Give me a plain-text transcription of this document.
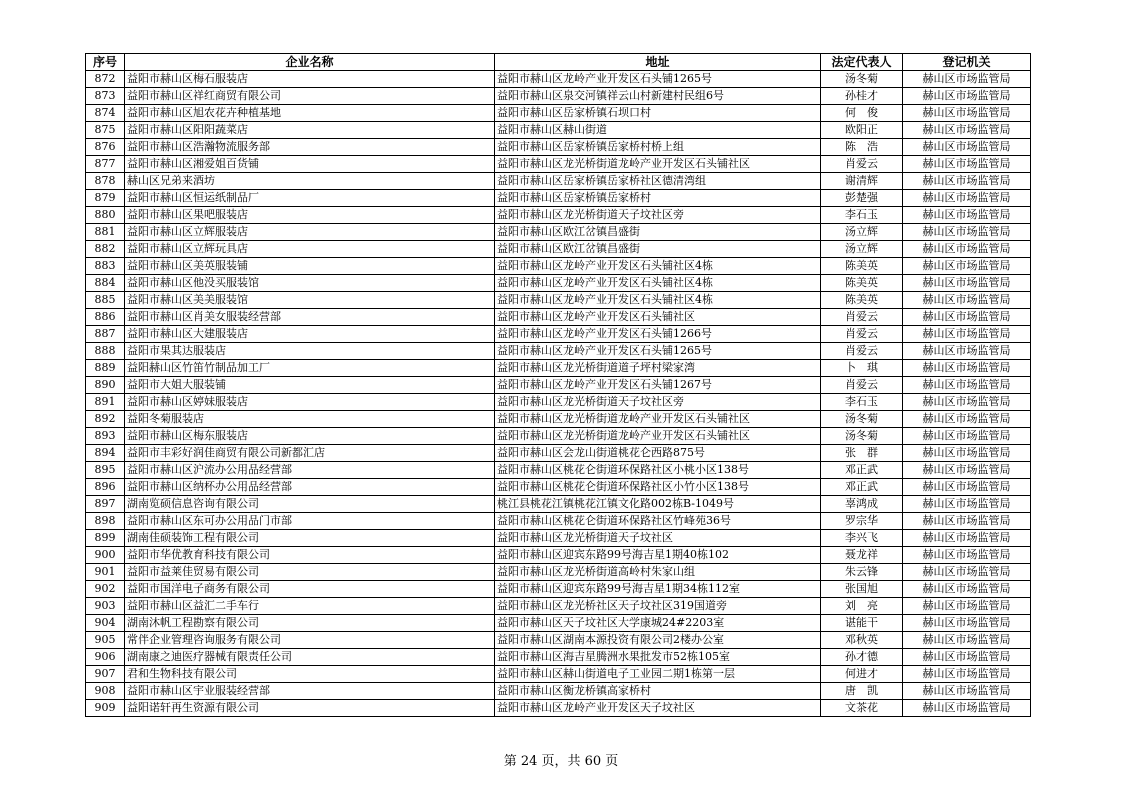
序号	企业名称	地址	法定代表人	登记机关
872	益阳市赫山区梅石服装店	益阳市赫山区龙岭产业开发区石头铺1265号	汤冬菊	赫山区市场监管局
873	益阳市赫山区祥红商贸有限公司	益阳市赫山区泉交河镇祥云山村新建村民组6号	孙桂才	赫山区市场监管局
874	益阳市赫山区旭农花卉种植基地	益阳市赫山区岳家桥镇石坝口村	何　俊	赫山区市场监管局
875	益阳市赫山区阳阳蔬菜店	益阳市赫山区赫山街道	欧阳正	赫山区市场监管局
876	益阳市赫山区浩瀚物流服务部	益阳市赫山区岳家桥镇岳家桥村桥上组	陈　浩	赫山区市场监管局
877	益阳市赫山区湘爱姐百货铺	益阳市赫山区龙光桥街道龙岭产业开发区石头铺社区	肖爱云	赫山区市场监管局
878	赫山区兄弟来酒坊	益阳市赫山区岳家桥镇岳家桥社区德清湾组	谢清辉	赫山区市场监管局
879	益阳市赫山区恒运纸制品厂	益阳市赫山区岳家桥镇岳家桥村	彭楚强	赫山区市场监管局
880	益阳市赫山区果吧服装店	益阳市赫山区龙光桥街道天子坟社区旁	李石玉	赫山区市场监管局
881	益阳市赫山区立辉服装店	益阳市赫山区欧江岔镇昌盛街	汤立辉	赫山区市场监管局
882	益阳市赫山区立辉玩具店	益阳市赫山区欧江岔镇昌盛街	汤立辉	赫山区市场监管局
883	益阳市赫山区美英服装铺	益阳市赫山区龙岭产业开发区石头铺社区4栋	陈美英	赫山区市场监管局
884	益阳市赫山区他没买服装馆	益阳市赫山区龙岭产业开发区石头铺社区4栋	陈美英	赫山区市场监管局
885	益阳市赫山区美美服装馆	益阳市赫山区龙岭产业开发区石头铺社区4栋	陈美英	赫山区市场监管局
886	益阳市赫山区肖美女服装经营部	益阳市赫山区龙岭产业开发区石头铺社区	肖爱云	赫山区市场监管局
887	益阳市赫山区大建服装店	益阳市赫山区龙岭产业开发区石头铺1266号	肖爱云	赫山区市场监管局
888	益阳市果其达服装店	益阳市赫山区龙岭产业开发区石头铺1265号	肖爱云	赫山区市场监管局
889	益阳赫山区竹笛竹制品加工厂	益阳市赫山区龙光桥街道道子坪村梁家湾	卜　琪	赫山区市场监管局
890	益阳市大姐大服装铺	益阳市赫山区龙岭产业开发区石头铺1267号	肖爱云	赫山区市场监管局
891	益阳市赫山区婷妹服装店	益阳市赫山区龙光桥街道天子坟社区旁	李石玉	赫山区市场监管局
892	益阳冬菊服装店	益阳市赫山区龙光桥街道龙岭产业开发区石头铺社区	汤冬菊	赫山区市场监管局
893	益阳市赫山区梅东服装店	益阳市赫山区龙光桥街道龙岭产业开发区石头铺社区	汤冬菊	赫山区市场监管局
894	益阳市丰彩好润佳商贸有限公司新都汇店	益阳市赫山区会龙山街道桃花仑西路875号	张　群	赫山区市场监管局
895	益阳市赫山区沪流办公用品经营部	益阳市赫山区桃花仑街道环保路社区小桃小区138号	邓正武	赫山区市场监管局
896	益阳市赫山区纳杯办公用品经营部	益阳市赫山区桃花仑街道环保路社区小竹小区138号	邓正武	赫山区市场监管局
897	湖南览硕信息咨询有限公司	桃江县桃花江镇桃花江镇文化路002栋B-1049号	辜鸿成	赫山区市场监管局
898	益阳市赫山区东可办公用品门市部	益阳市赫山区桃花仑街道环保路社区竹峰苑36号	罗宗华	赫山区市场监管局
899	湖南佳硕装饰工程有限公司	益阳市赫山区龙光桥街道天子坟社区	李兴飞	赫山区市场监管局
900	益阳市华优教育科技有限公司	益阳市赫山区迎宾东路99号海吉星1期40栋102	聂龙祥	赫山区市场监管局
901	益阳市益莱佳贸易有限公司	益阳市赫山区龙光桥街道高岭村朱家山组	朱云锋	赫山区市场监管局
902	益阳市国洋电子商务有限公司	益阳市赫山区迎宾东路99号海吉星1期34栋112室	张国旭	赫山区市场监管局
903	益阳市赫山区益汇二手车行	益阳市赫山区龙光桥社区天子坟社区319国道旁	刘　亮	赫山区市场监管局
904	湖南沐帆工程勘察有限公司	益阳市赫山区天子坟社区大学康城24#2203室	谌能干	赫山区市场监管局
905	常伴企业管理咨询服务有限公司	益阳市赫山区湖南本源投资有限公司2楼办公室	邓秋英	赫山区市场监管局
906	湖南康之迪医疗器械有限责任公司	益阳市赫山区海吉星腾洲水果批发市52栋105室	孙才德	赫山区市场监管局
907	君和生物科技有限公司	益阳市赫山区赫山街道电子工业园二期1栋第一层	何进才	赫山区市场监管局
908	益阳市赫山区宇业服装经营部	益阳市赫山区衡龙桥镇高家桥村	唐　凯	赫山区市场监管局
909	益阳诺轩再生资源有限公司	益阳市赫山区龙岭产业开发区天子坟社区	文茶花	赫山区市场监管局
第 24 页，共 60 页
